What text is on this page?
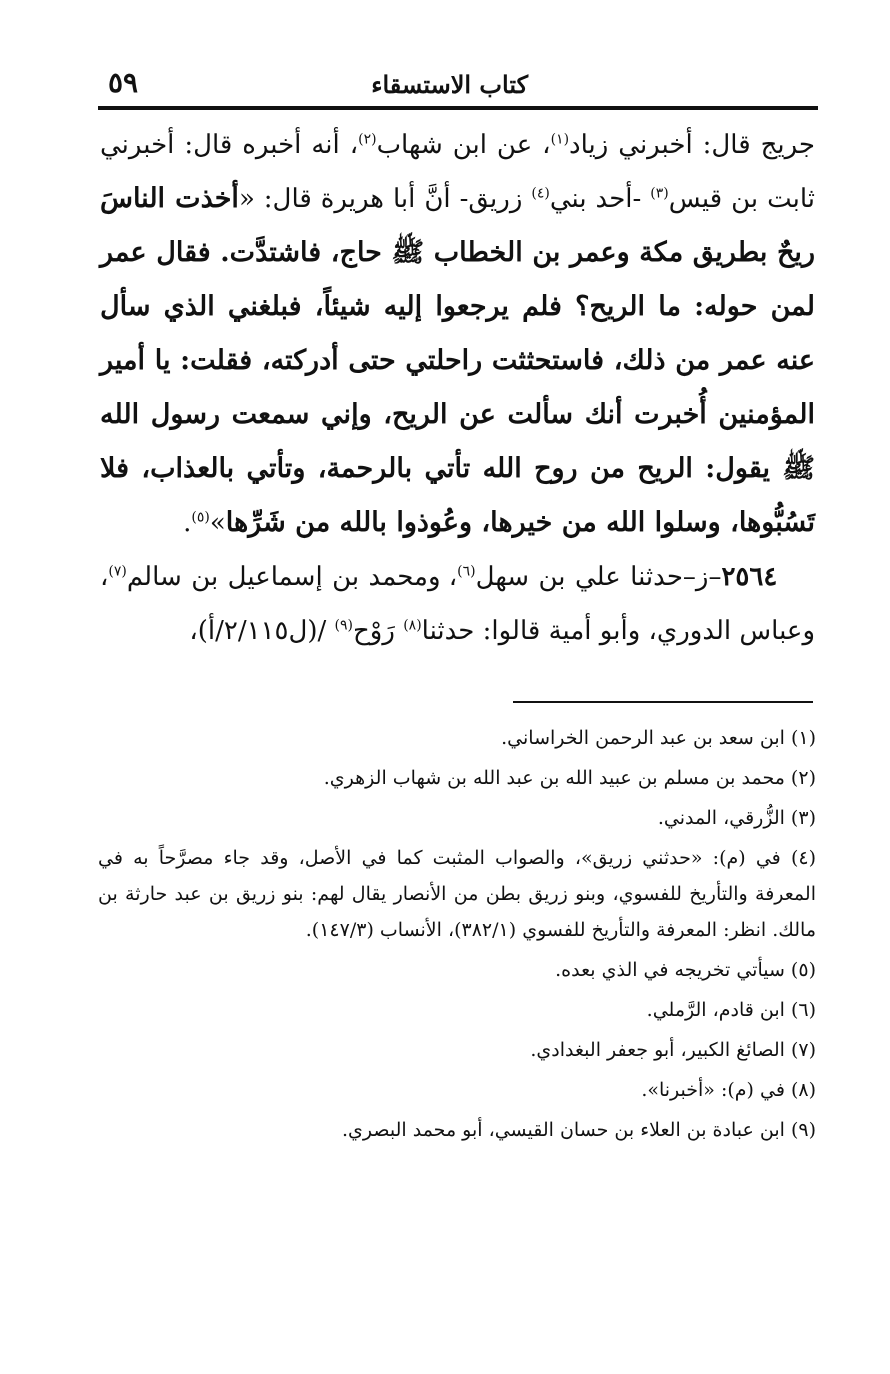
كتاب الاستسقاء
٥٩

جريج قال: أخبرني زياد$^{(١)}$، عن ابن شهاب$^{(٢)}$، أنه أخبره قال: أخبرني ثابت بن قيس$^{(٣)}$ -أحد بني$^{(٤)}$ زريق- أنَّ أبا هريرة قال: «أخذت الناسَ ريحٌ بطريق مكة وعمر بن الخطاب ﷺ حاج، فاشتدَّت. فقال عمر لمن حوله: ما الريح؟ فلم يرجعوا إليه شيئاً، فبلغني الذي سأل عنه عمر من ذلك، فاستحثثت راحلتي حتى أدركته، فقلت: يا أمير المؤمنين أُخبرت أنك سألت عن الريح، وإني سمعت رسول الله ﷺ يقول: الريح من روح الله تأتي بالرحمة، وتأتي بالعذاب، فلا تَسُبُّوها، وسلوا الله من خيرها، وعُوذوا بالله من شَرِّها»$^{(٥)}$.

٢٥٦٤–ز–حدثنا علي بن سهل$^{(٦)}$، ومحمد بن إسماعيل بن سالم$^{(٧)}$، وعباس الدوري، وأبو أمية قالوا: حدثنا$^{(٨)}$ رَوْح$^{(٩)}$ /(ل٢/١١٥/أ)،

(١) ابن سعد بن عبد الرحمن الخراساني.
(٢) محمد بن مسلم بن عبيد الله بن عبد الله بن شهاب الزهري.
(٣) الزُّرقي، المدني.
(٤) في (م): «حدثني زريق»، والصواب المثبت كما في الأصل، وقد جاء مصرَّحاً به في المعرفة والتأريخ للفسوي، وبنو زريق بطن من الأنصار يقال لهم: بنو زريق بن عبد حارثة بن مالك. انظر: المعرفة والتأريخ للفسوي (٣٨٢/١)، الأنساب (١٤٧/٣).
(٥) سيأتي تخريجه في الذي بعده.
(٦) ابن قادم، الرَّملي.
(٧) الصائغ الكبير، أبو جعفر البغدادي.
(٨) في (م): «أخبرنا».
(٩) ابن عبادة بن العلاء بن حسان القيسي، أبو محمد البصري.
